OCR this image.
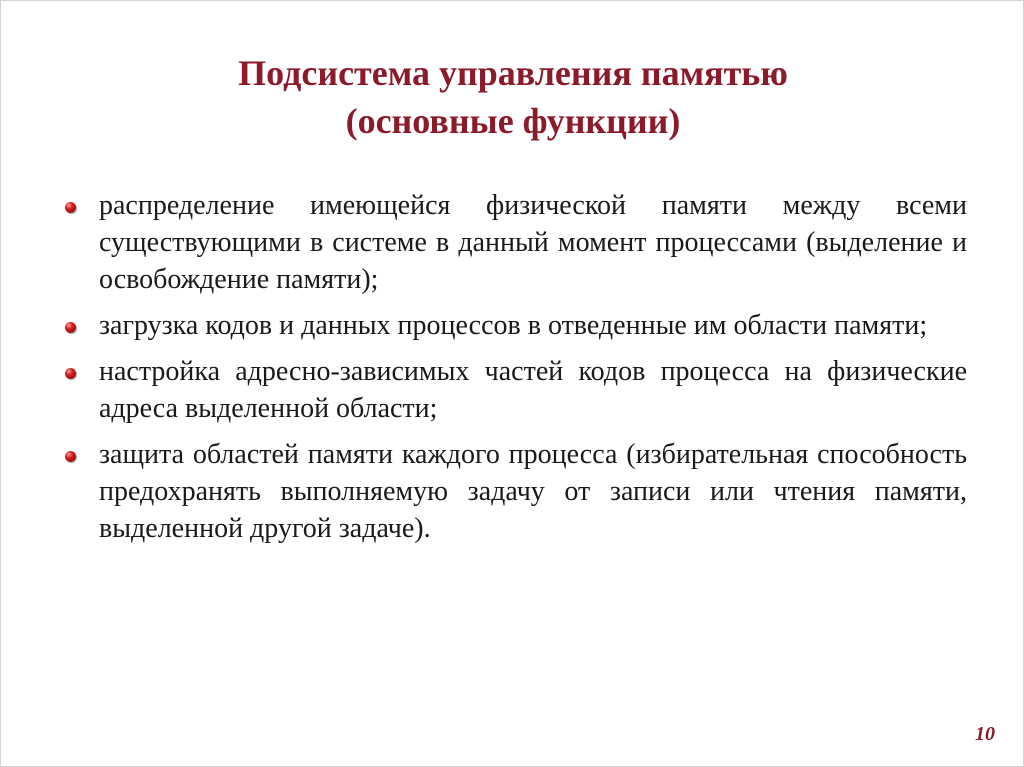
Подсистема управления памятью
(основные функции)
распределение имеющейся физической памяти между всеми существующими в системе в данный момент процессами (выделение и освобождение памяти);
загрузка кодов и данных процессов в отведенные им области памяти;
настройка адресно-зависимых частей кодов процесса на физические адреса выделенной области;
защита областей памяти каждого процесса (избирательная способность предохранять выполняемую задачу от записи или чтения памяти, выделенной другой задаче).
10
